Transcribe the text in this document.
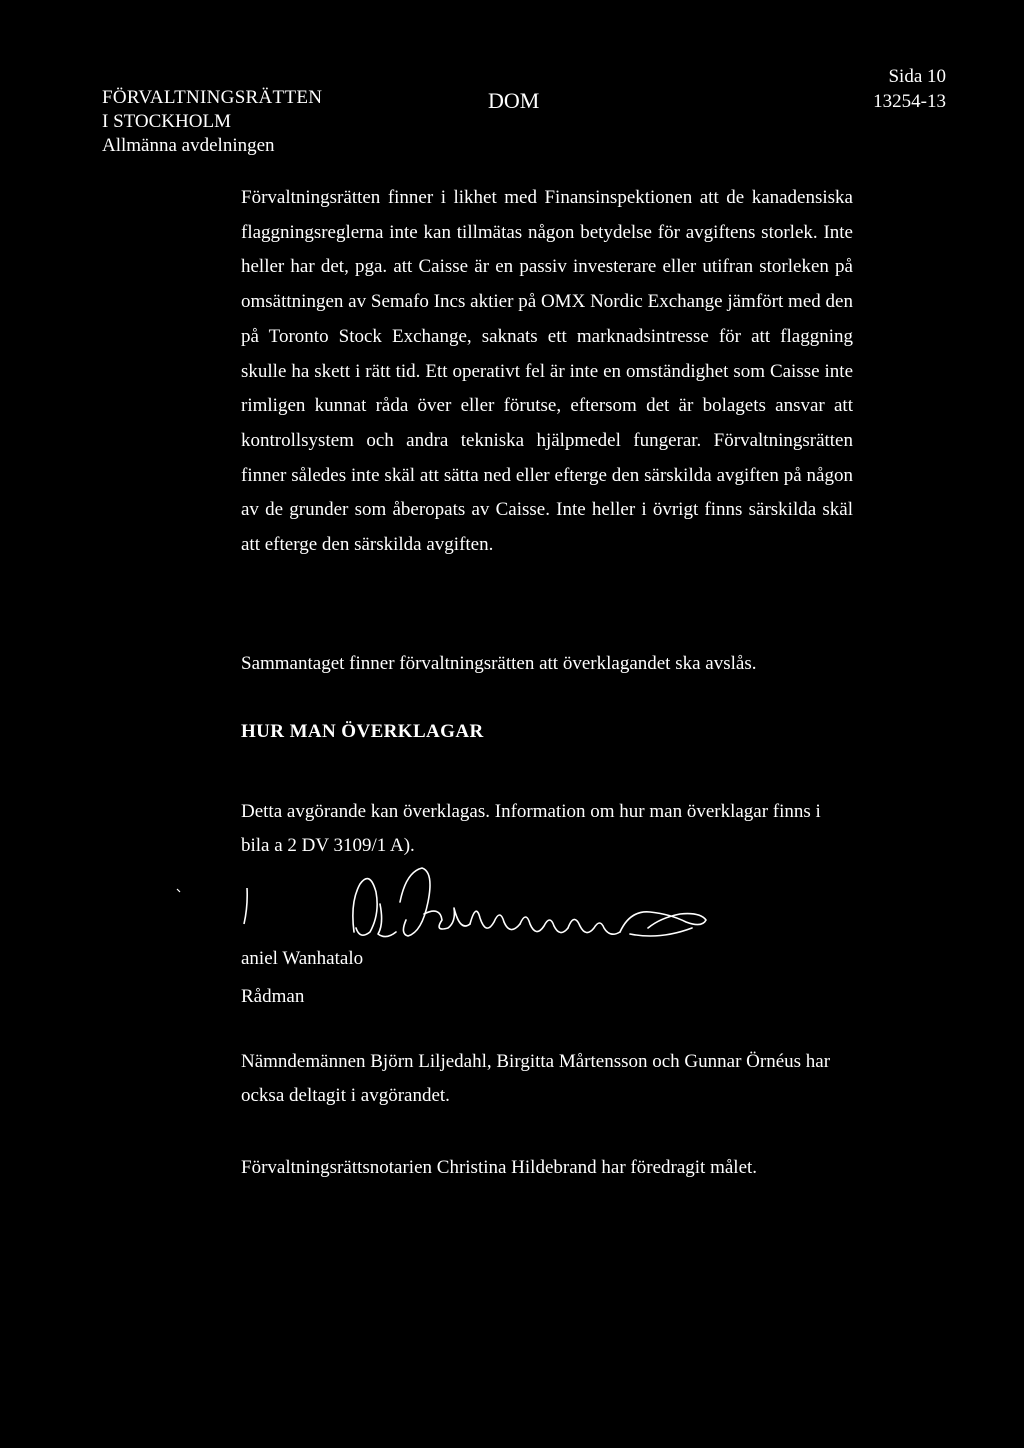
FÖRVALTNINGSRÄTTEN
I STOCKHOLM
Allmänna avdelningen
DOM
Sida 10
13254-13
Förvaltningsrätten finner i likhet med Finansinspektionen att de kanadensiska flaggningsreglerna inte kan tillmätas någon betydelse för avgiftens storlek. Inte heller har det, pga. att Caisse är en passiv investerare eller utifran storleken på omsättningen av Semafo Incs aktier på OMX Nordic Exchange jämfört med den på Toronto Stock Exchange, saknats ett marknadsintresse för att flaggning skulle ha skett i rätt tid. Ett operativt fel är inte en omständighet som Caisse inte rimligen kunnat råda över eller förutse, eftersom det är bolagets ansvar att kontrollsystem och andra tekniska hjälpmedel fungerar. Förvaltningsrätten finner således inte skäl att sätta ned eller efterge den särskilda avgiften på någon av de grunder som åberopats av Caisse. Inte heller i övrigt finns särskilda skäl att efterge den särskilda avgiften.
Sammantaget finner förvaltningsrätten att överklagandet ska avslås.
HUR MAN ÖVERKLAGAR
Detta avgörande kan överklagas. Information om hur man överklagar finns i bila a 2 DV 3109/1 A).
aniel Wanhatalo
Rådman
Nämndemännen Björn Liljedahl, Birgitta Mårtensson och Gunnar Örnéus har ocksa deltagit i avgörandet.
Förvaltningsrättsnotarien Christina Hildebrand har föredragit målet.
